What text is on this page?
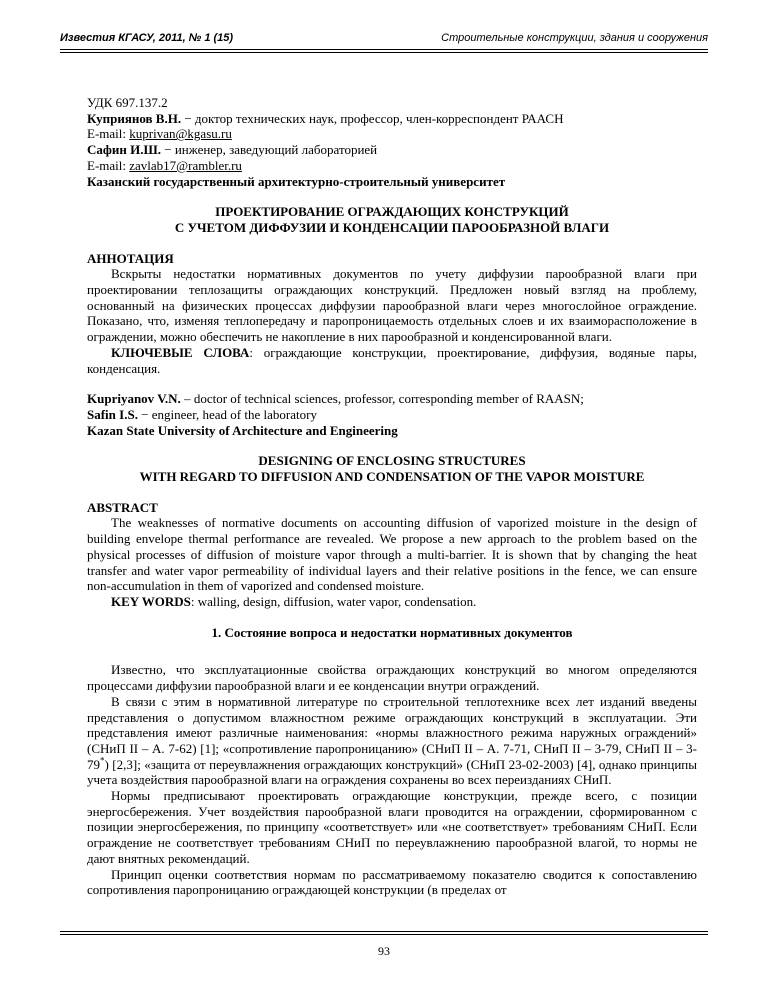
Известия КГАСУ, 2011, № 1 (15)	Строительные конструкции, здания и сооружения

УДК 697.137.2

Куприянов В.Н. − доктор технических наук, профессор, член-корреспондент РААСН

E-mail: kuprivan@kgasu.ru

Сафин И.Ш. − инженер, заведующий лабораторией

E-mail: zavlab17@rambler.ru

Казанский государственный архитектурно-строительный университет

ПРОЕКТИРОВАНИЕ ОГРАЖДАЮЩИХ КОНСТРУКЦИЙ

С УЧЕТОМ ДИФФУЗИИ И КОНДЕНСАЦИИ ПАРООБРАЗНОЙ ВЛАГИ

АННОТАЦИЯ

Вскрыты недостатки нормативных документов по учету диффузии парообразной влаги при проектировании теплозащиты ограждающих конструкций. Предложен новый взгляд на проблему, основанный на физических процессах диффузии парообразной влаги через многослойное ограждение. Показано, что, изменяя теплопередачу и паропроницаемость отдельных слоев и их взаиморасположение в ограждении, можно обеспечить не накопление в них парообразной и конденсированной влаги.

КЛЮЧЕВЫЕ СЛОВА: ограждающие конструкции, проектирование, диффузия, водяные пары, конденсация.

Kupriyanov V.N. – doctor of technical sciences, professor, corresponding member of RAASN;

Safin I.S. − engineer, head of the laboratory

Kazan State University of Architecture and Engineering

DESIGNING OF ENCLOSING STRUCTURES

WITH REGARD TO DIFFUSION AND CONDENSATION OF THE VAPOR MOISTURE

ABSTRACT

The weaknesses of normative documents on accounting diffusion of vaporized moisture in the design of building envelope thermal performance are revealed. We propose a new approach to the problem based on the physical processes of diffusion of moisture vapor through a multi-barrier. It is shown that by changing the heat transfer and water vapor permeability of individual layers and their relative positions in the fence, we can ensure non-accumulation in them of vaporized and condensed moisture.

KEY WORDS: walling, design, diffusion, water vapor, condensation.

1. Состояние вопроса и недостатки нормативных документов

Известно, что эксплуатационные свойства ограждающих конструкций во многом определяются процессами диффузии парообразной влаги и ее конденсации внутри ограждений.

В связи с этим в нормативной литературе по строительной теплотехнике всех лет изданий введены представления о допустимом влажностном режиме ограждающих конструкций в эксплуатации. Эти представления имеют различные наименования: «нормы влажностного режима наружных ограждений» (СНиП II – А. 7-62) [1]; «сопротивление паропроницанию» (СНиП II – А. 7-71, СНиП II – 3-79, СНиП II – 3-79*) [2,3]; «защита от переувлажнения ограждающих конструкций» (СНиП 23-02-2003) [4], однако принципы учета воздействия парообразной влаги на ограждения сохранены во всех переизданиях СНиП.

Нормы предписывают проектировать ограждающие конструкции, прежде всего, с позиции энергосбережения. Учет воздействия парообразной влаги проводится на ограждении, сформированном с позиции энергосбережения, по принципу «соответствует» или «не соответствует» требованиям СНиП. Если ограждение не соответствует требованиям СНиП по переувлажнению парообразной влагой, то нормы не дают внятных рекомендаций.

Принцип оценки соответствия нормам по рассматриваемому показателю сводится к сопоставлению сопротивления паропроницанию ограждающей конструкции (в пределах от

93
